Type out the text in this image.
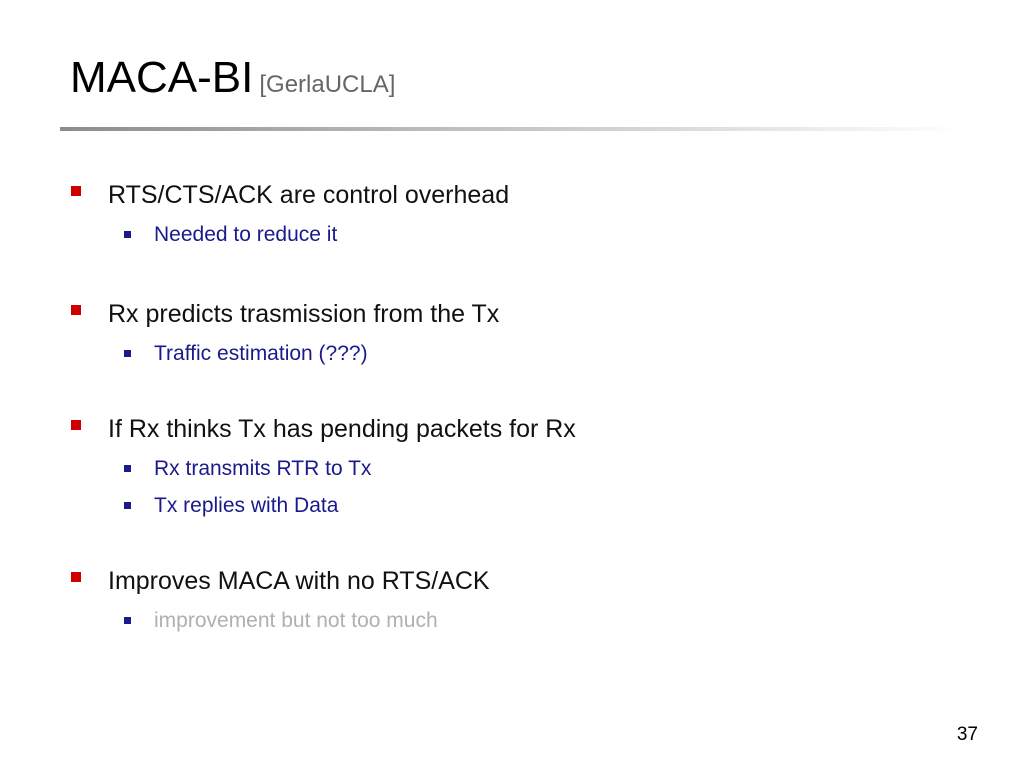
MACA-BI [GerlaUCLA]
RTS/CTS/ACK are control overhead
Needed to reduce it
Rx predicts trasmission from the Tx
Traffic estimation (???)
If Rx thinks Tx has pending packets for Rx
Rx transmits RTR to Tx
Tx replies with Data
Improves MACA with no RTS/ACK
improvement but not too much
37
